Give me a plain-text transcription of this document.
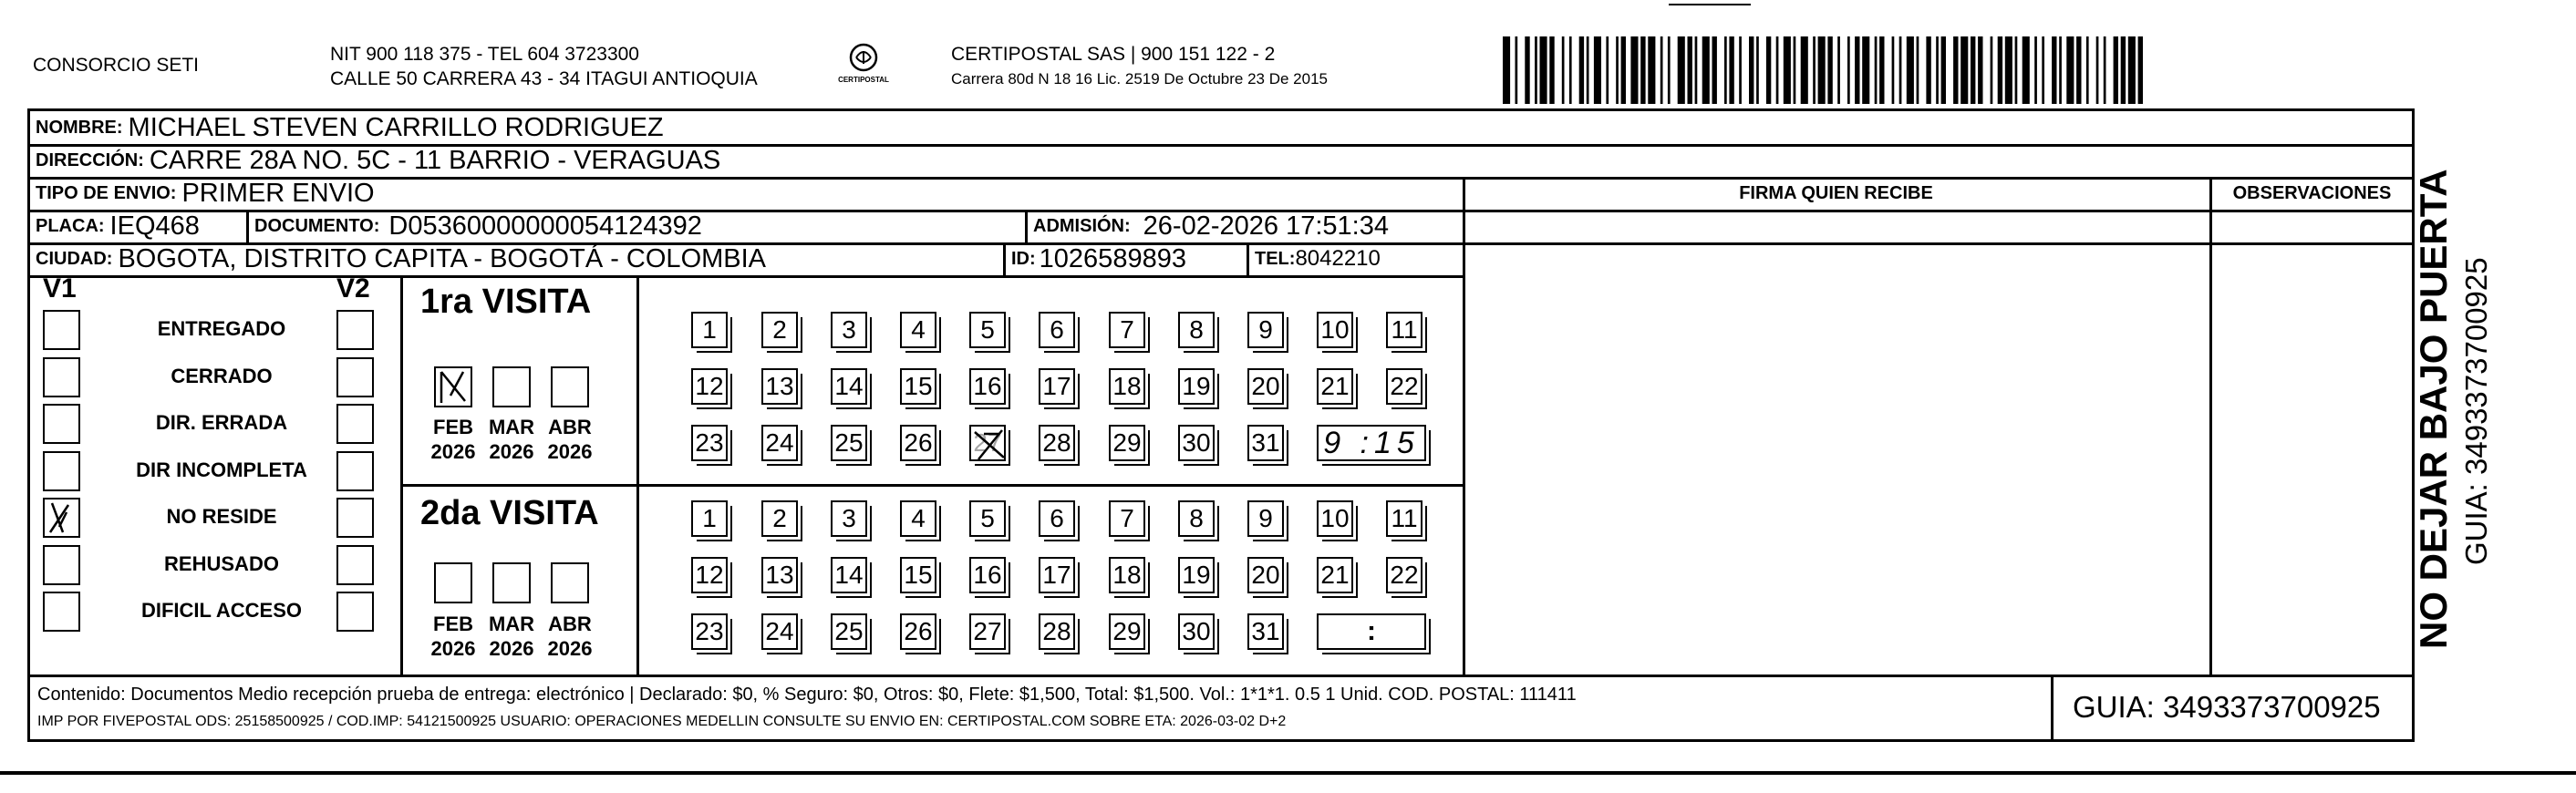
CONSORCIO SETI
NIT 900 118 375 - TEL 604 3723300
CALLE 50 CARRERA 43 - 34 ITAGUI ANTIOQUIA	CERTIPOSTAL
CERTIPOSTAL SAS | 900 151 122 - 2
Carrera 80d N 18 16 Lic. 2519 De Octubre 23 De 2015
NOMBRE: MICHAEL STEVEN CARRILLO RODRIGUEZ
DIRECCIÓN: CARRE 28A NO. 5C - 11 BARRIO - VERAGUAS
TIPO DE ENVIO: PRIMER ENVIO	FIRMA QUIEN RECIBE	OBSERVACIONES
PLACA: IEQ468	DOCUMENTO: D05360000000054124392	ADMISIÓN: 26-02-2026 17:51:34
CIUDAD: BOGOTA, DISTRITO CAPITA - BOGOTÁ - COLOMBIA	ID: 1026589893	TEL: 8042210
V1	V2
ENTREGADO
CERRADO
DIR. ERRADA
DIR INCOMPLETA
NO RESIDE
REHUSADO
DIFICIL ACCESO
1ra VISITA
FEB
2026
MAR
2026
ABR
2026
1 2 3 4 5 6 7 8 9 10 11
12 13 14 15 16 17 18 19 20 21 22
23 24 25 26 27 28 29 30 31 9 :15
2da VISITA
FEB
2026
MAR
2026
ABR
2026
1 2 3 4 5 6 7 8 9 10 11
12 13 14 15 16 17 18 19 20 21 22
23 24 25 26 27 28 29 30 31	:
Contenido: Documentos Medio recepción prueba de entrega: electrónico | Declarado: $0, % Seguro: $0, Otros: $0, Flete: $1,500, Total: $1,500. Vol.: 1*1*1. 0.5 1 Unid. COD. POSTAL: 111411
IMP POR FIVEPOSTAL ODS: 25158500925 / COD.IMP: 54121500925 USUARIO: OPERACIONES MEDELLIN CONSULTE SU ENVIO EN: CERTIPOSTAL.COM SOBRE ETA: 2026-03-02 D+2	GUIA: 3493373700925
NO DEJAR BAJO PUERTA GUIA: 3493373700925
